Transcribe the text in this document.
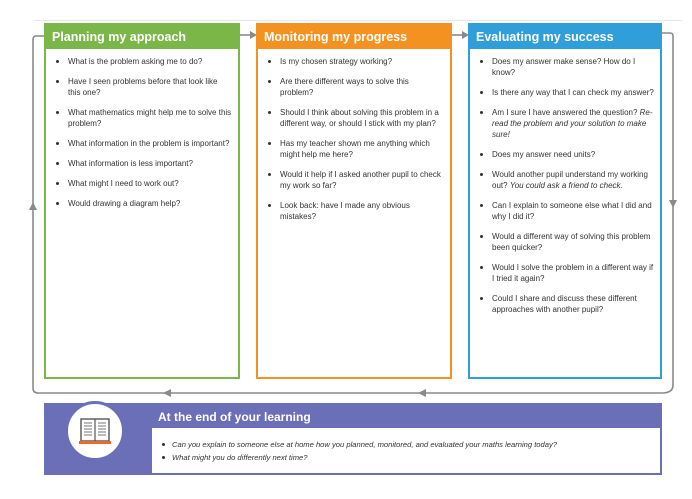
Planning my approach
What is the problem asking me to do?
Have I seen problems before that look like this one?
What mathematics might help me to solve this problem?
What information in the problem is important?
What information is less important?
What might I need to work out?
Would drawing a diagram help?
Monitoring my progress
Is my chosen strategy working?
Are there different ways to solve this problem?
Should I think about solving this problem in a different way, or should I stick with my plan?
Has my teacher shown me anything which might help me here?
Would it help if I asked another pupil to check my work so far?
Look back: have I made any obvious mistakes?
Evaluating my success
Does my answer make sense? How do I know?
Is there any way that I can check my answer?
Am I sure I have answered the question? Re-read the problem and your solution to make sure!
Does my answer need units?
Would another pupil understand my working out? You could ask a friend to check.
Can I explain to someone else what I did and why I did it?
Would a different way of solving this problem been quicker?
Would I solve the problem in a different way if I tried it again?
Could I share and discuss these different approaches with another pupil?
At the end of your learning
Can you explain to someone else at home how you planned, monitored, and evaluated your maths learning today?
What might you do differently next time?
